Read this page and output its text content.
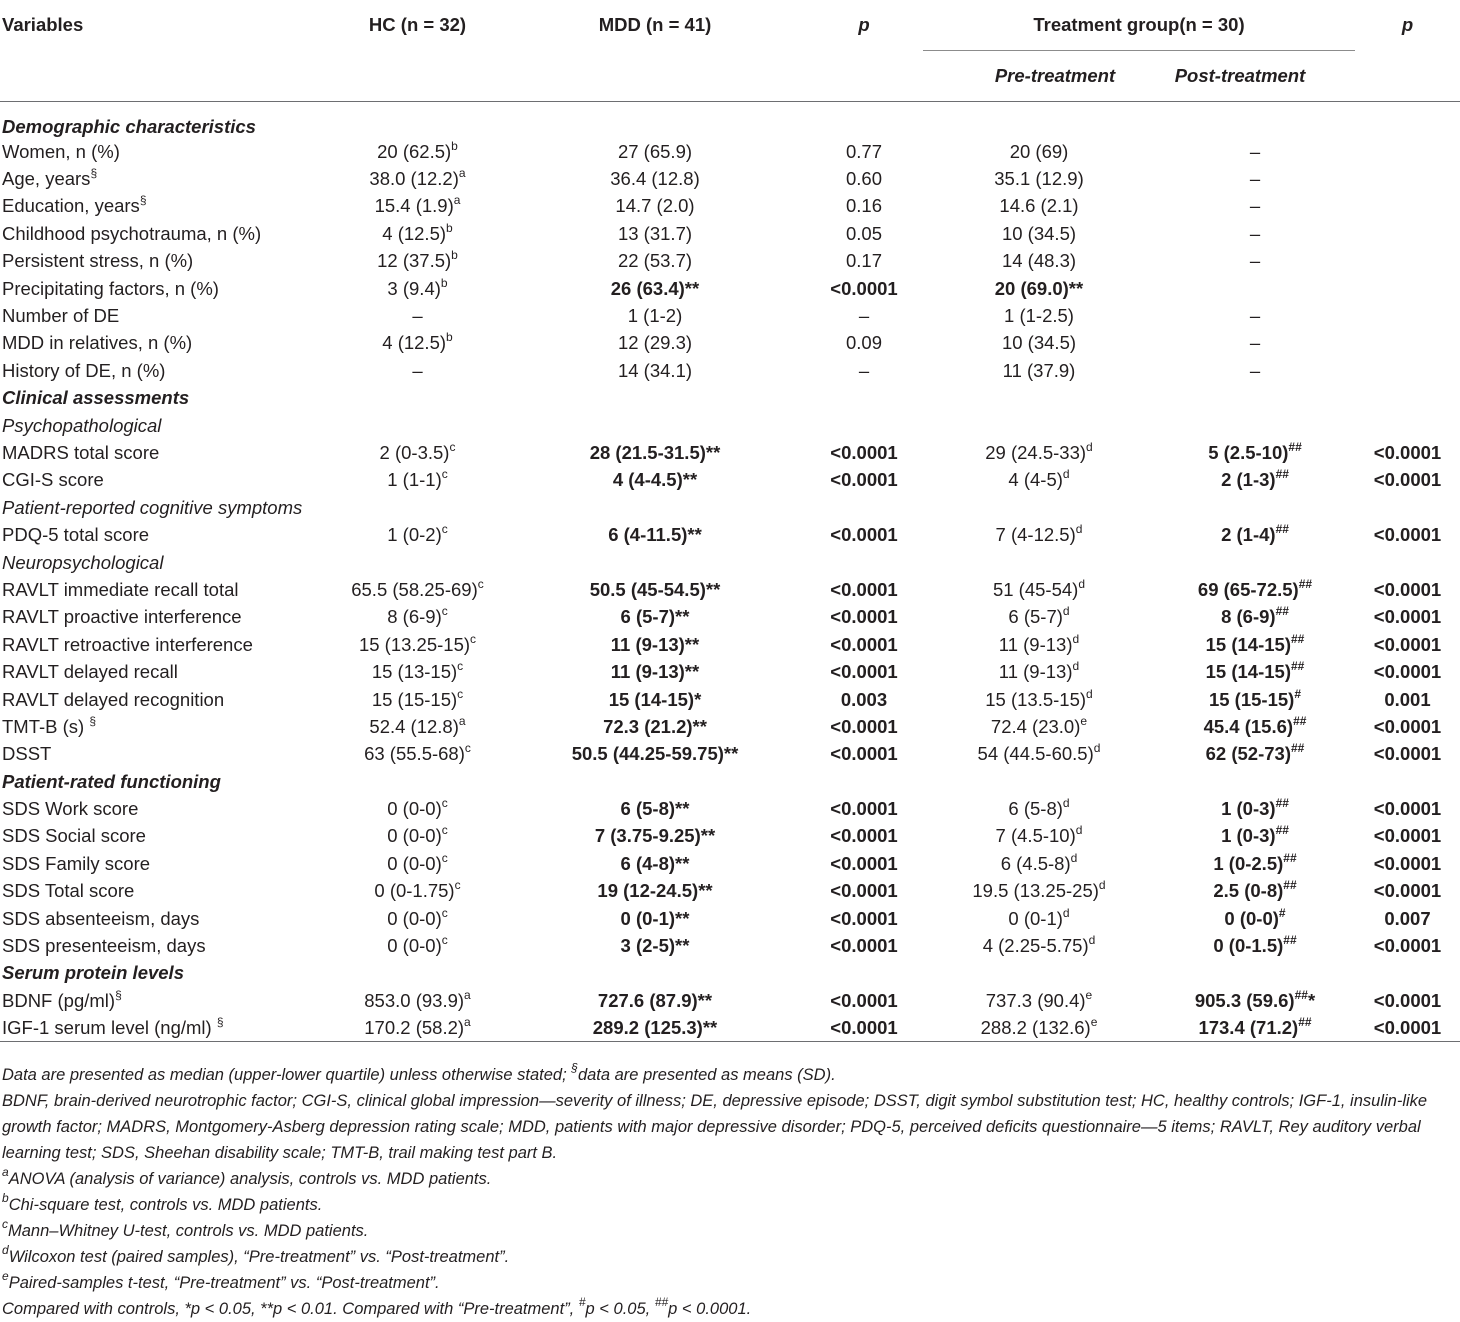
Variables	HC (n = 32)	MDD (n = 41)	p	Treatment group(n = 30)		p
				Pre-treatment	Post-treatment	
Demographic characteristics						
Women, n (%)	20 $(62.5)^b$	27 (65.9)	0.77	20 (69)	–	
Age, years§	38.0 $(12.2)^a$	36.4 (12.8)	0.60	35.1 (12.9)	–	
Education, years§	15.4 $(1.9)^a$	14.7 (2.0)	0.16	14.6 (2.1)	–	
Childhood psychotrauma, n (%)	4 $(12.5)^b$	13 (31.7)	0.05	10 (34.5)	–	
Persistent stress, n (%)	12 $(37.5)^b$	22 (53.7)	0.17	14 (48.3)	–	
Precipitating factors, n (%)	3 $(9.4)^b$	26 (63.4)**	<0.0001	20 (69.0)**		
Number of DE	–	1 (1-2)	–	1 (1-2.5)	–	
MDD in relatives, n (%)	4 $(12.5)^b$	12 (29.3)	0.09	10 (34.5)	–	
History of DE, n (%)	–	14 (34.1)	–	11 (37.9)	–	
Clinical assessments						
Psychopathological						
MADRS total score	2 $(0-3.5)^c$	28 (21.5-31.5)**	<0.0001	29 $(24.5-33)^d$	5 (2.5-10)##	<0.0001
CGI-S score	1 $(1-1)^c$	4 (4-4.5)**	<0.0001	4 $(4-5)^d$	2 (1-3)##	<0.0001
Patient-reported cognitive symptoms						
PDQ-5 total score	1 $(0-2)^c$	6 (4-11.5)**	<0.0001	7 $(4-12.5)^d$	2 (1-4)##	<0.0001
Neuropsychological						
RAVLT immediate recall total	65.5 $(58.25-69)^c$	50.5 (45-54.5)**	<0.0001	51 $(45-54)^d$	69 (65-72.5)##	<0.0001
RAVLT proactive interference	8 $(6-9)^c$	6 (5-7)**	<0.0001	6 $(5-7)^d$	8 (6-9)##	<0.0001
RAVLT retroactive interference	15 $(13.25-15)^c$	11 (9-13)**	<0.0001	11 $(9-13)^d$	15 (14-15)##	<0.0001
RAVLT delayed recall	15 $(13-15)^c$	11 (9-13)**	<0.0001	11 $(9-13)^d$	15 (14-15)##	<0.0001
RAVLT delayed recognition	15 $(15-15)^c$	15 (14-15)*	0.003	15 $(13.5-15)^d$	15 (15-15)#	0.001
TMT-B (s) §	52.4 $(12.8)^a$	72.3 (21.2)**	<0.0001	72.4 $(23.0)^e$	45.4 (15.6)##	<0.0001
DSST	63 $(55.5-68)^c$	50.5 (44.25-59.75)**	<0.0001	54 $(44.5-60.5)^d$	62 (52-73)##	<0.0001
Patient-rated functioning						
SDS Work score	0 $(0-0)^c$	6 (5-8)**	<0.0001	6 $(5-8)^d$	1 (0-3)##	<0.0001
SDS Social score	0 $(0-0)^c$	7 (3.75-9.25)**	<0.0001	7 $(4.5-10)^d$	1 (0-3)##	<0.0001
SDS Family score	0 $(0-0)^c$	6 (4-8)**	<0.0001	6 $(4.5-8)^d$	1 (0-2.5)##	<0.0001
SDS Total score	0 $(0-1.75)^c$	19 (12-24.5)**	<0.0001	19.5 $(13.25-25)^d$	2.5 (0-8)##	<0.0001
SDS absenteeism, days	0 $(0-0)^c$	0 (0-1)**	<0.0001	0 $(0-1)^d$	0 (0-0)#	0.007
SDS presenteeism, days	0 $(0-0)^c$	3 (2-5)**	<0.0001	4 $(2.25-5.75)^d$	0 (0-1.5)##	<0.0001
Serum protein levels						
BDNF (pg/ml)§	853.0 $(93.9)^a$	727.6 (87.9)**	<0.0001	737.3 $(90.4)^e$	905.3 (59.6)##*	<0.0001
IGF-1 serum level (ng/ml) §	170.2 $(58.2)^a$	289.2 (125.3)**	<0.0001	288.2 $(132.6)^e$	173.4 (71.2)##	<0.0001

Data are presented as median (upper-lower quartile) unless otherwise stated; §data are presented as means (SD).

BDNF, brain-derived neurotrophic factor; CGI-S, clinical global impression—severity of illness; DE, depressive episode; DSST, digit symbol substitution test; HC, healthy controls; IGF-1, insulin-like growth factor; MADRS, Montgomery-Asberg depression rating scale; MDD, patients with major depressive disorder; PDQ-5, perceived deficits questionnaire—5 items; RAVLT, Rey auditory verbal learning test; SDS, Sheehan disability scale; TMT-B, trail making test part B.

$^a$ANOVA (analysis of variance) analysis, controls vs. MDD patients.

$^b$Chi-square test, controls vs. MDD patients.

$^c$Mann–Whitney U-test, controls vs. MDD patients.

$^d$Wilcoxon test (paired samples), “Pre-treatment” vs. “Post-treatment”.

$^e$Paired-samples t-test, “Pre-treatment” vs. “Post-treatment”.

Compared with controls, *p < 0.05, **p < 0.01. Compared with “Pre-treatment”, #p < 0.05, ##p < 0.0001.
